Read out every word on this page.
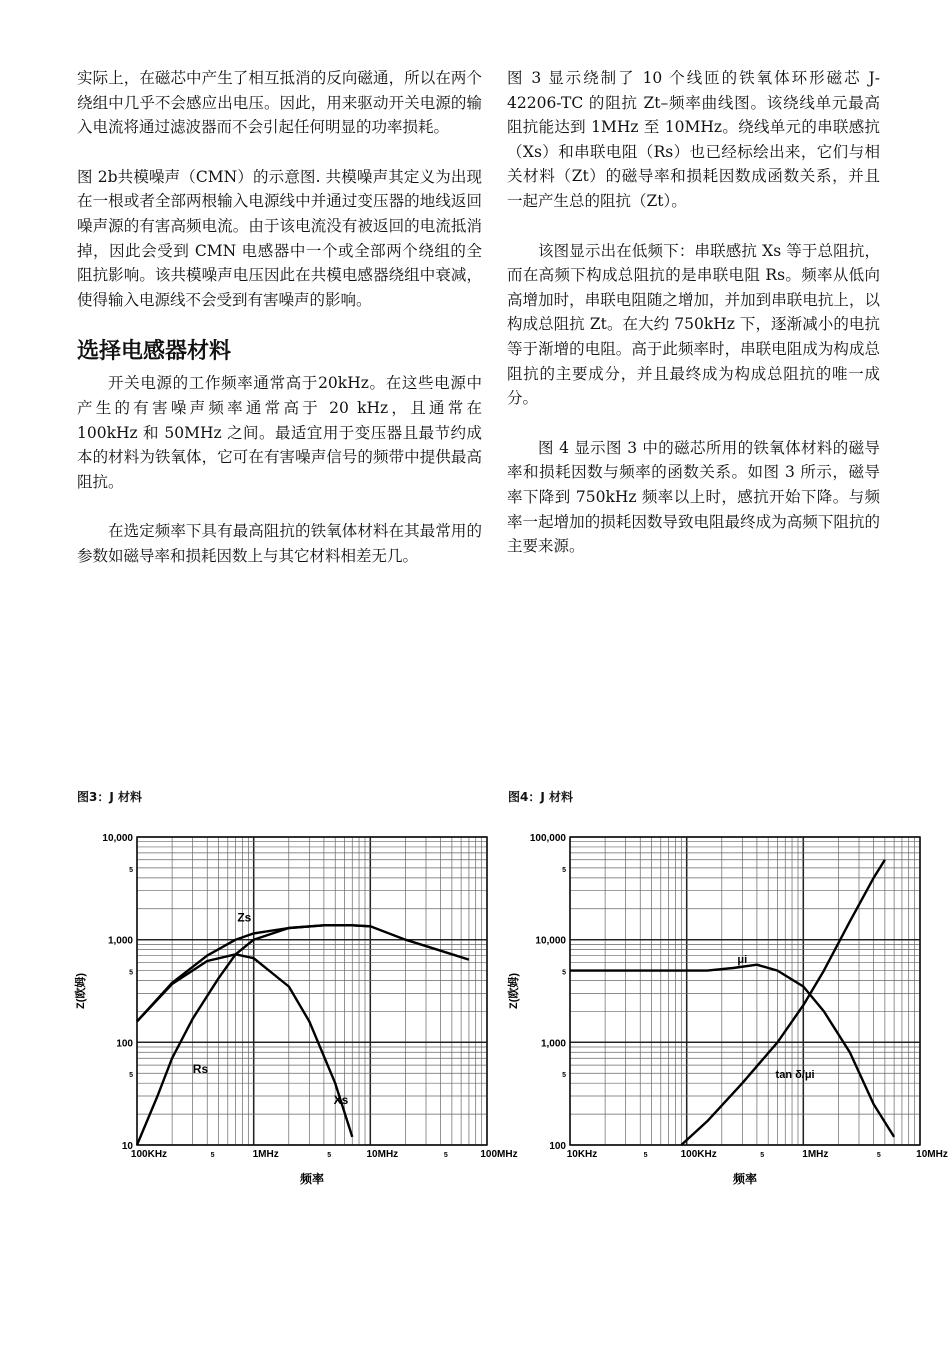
实际上，在磁芯中产生了相互抵消的反向磁通，所以在两个绕组中几乎不会感应出电压。因此，用来驱动开关电源的输入电流将通过滤波器而不会引起任何明显的功率损耗。

图 2b共模噪声（CMN）的示意图. 共模噪声其定义为出现在一根或者全部两根输入电源线中并通过变压器的地线返回噪声源的有害高频电流。由于该电流没有被返回的电流抵消掉，因此会受到 CMN 电感器中一个或全部两个绕组的全阻抗影响。该共模噪声电压因此在共模电感器绕组中衰减，使得输入电源线不会受到有害噪声的影响。

选择电感器材料

开关电源的工作频率通常高于20kHz。在这些电源中产生的有害噪声频率通常高于 20 kHz，且通常在 100kHz 和 50MHz 之间。最适宜用于变压器且最节约成本的材料为铁氧体，它可在有害噪声信号的频带中提供最高阻抗。

在选定频率下具有最高阻抗的铁氧体材料在其最常用的参数如磁导率和损耗因数上与其它材料相差无几。

图 3 显示绕制了 10 个线匝的铁氧体环形磁芯 J-42206-TC 的阻抗 Zt–频率曲线图。该绕线单元最高阻抗能达到 1MHz 至 10MHz。绕线单元的串联感抗（Xs）和串联电阻（Rs）也已经标绘出来，它们与相关材料（Zt）的磁导率和损耗因数成函数关系，并且一起产生总的阻抗（Zt）。

该图显示出在低频下：串联感抗 Xs 等于总阻抗，而在高频下构成总阻抗的是串联电阻 Rs。频率从低向高增加时，串联电阻随之增加，并加到串联电抗上，以构成总阻抗 Zt。在大约 750kHz 下，逐渐减小的电抗等于渐增的电阻。高于此频率时，串联电阻成为构成总阻抗的主要成分，并且最终成为构成总阻抗的唯一成分。

图 4 显示图 3 中的磁芯所用的铁氧体材料的磁导率和损耗因数与频率的函数关系。如图 3 所示，磁导率下降到 750kHz 频率以上时，感抗开始下降。与频率一起增加的损耗因数导致电阻最终成为高频下阻抗的主要来源。

图3：J 材料	图4：J 材料
10,000
5
1,000
5
100
5
10
100KHz	5	1MHz	5	10MHz	5	100MHz
频率
Z(欧姆)
Zs
Rs
Xs
100,000
5
10,000
5
1,000
5
100
10KHz	5	100KHz	5	1MHz	5	10MHz
频率
Z(欧姆)
μi
tan δ/μi
